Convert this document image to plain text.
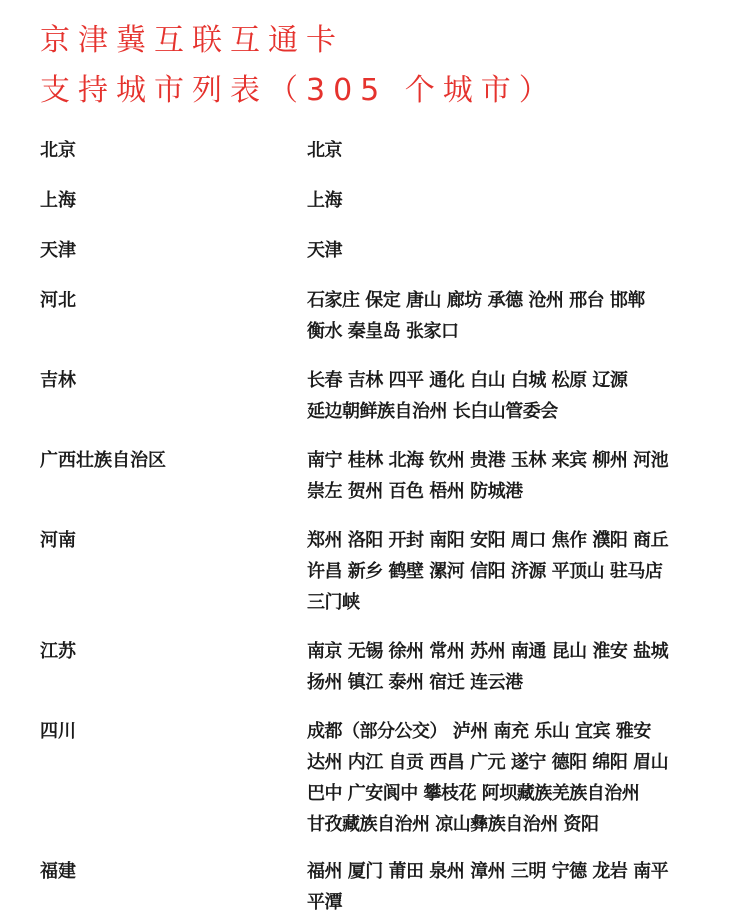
京津冀互联互通卡
支持城市列表（305 个城市）
北京	北京
上海	上海
天津	天津
河北	石家庄 保定 唐山 廊坊 承德 沧州 邢台 邯郸
衡水 秦皇岛 张家口
吉林	长春 吉林 四平 通化 白山 白城 松原 辽源
延边朝鲜族自治州 长白山管委会
广西壮族自治区	南宁 桂林 北海 钦州 贵港 玉林 来宾 柳州 河池
崇左 贺州 百色 梧州 防城港
河南	郑州 洛阳 开封 南阳 安阳 周口 焦作 濮阳 商丘
许昌 新乡 鹤壁 漯河 信阳 济源 平顶山 驻马店
三门峡
江苏	南京 无锡 徐州 常州 苏州 南通 昆山 淮安 盐城
扬州 镇江 泰州 宿迁 连云港
四川	成都（部分公交） 泸州 南充 乐山 宜宾 雅安
达州 内江 自贡 西昌 广元 遂宁 德阳 绵阳 眉山
巴中 广安阆中 攀枝花 阿坝藏族羌族自治州
甘孜藏族自治州 凉山彝族自治州 资阳
福建	福州 厦门 莆田 泉州 漳州 三明 宁德 龙岩 南平
平潭
